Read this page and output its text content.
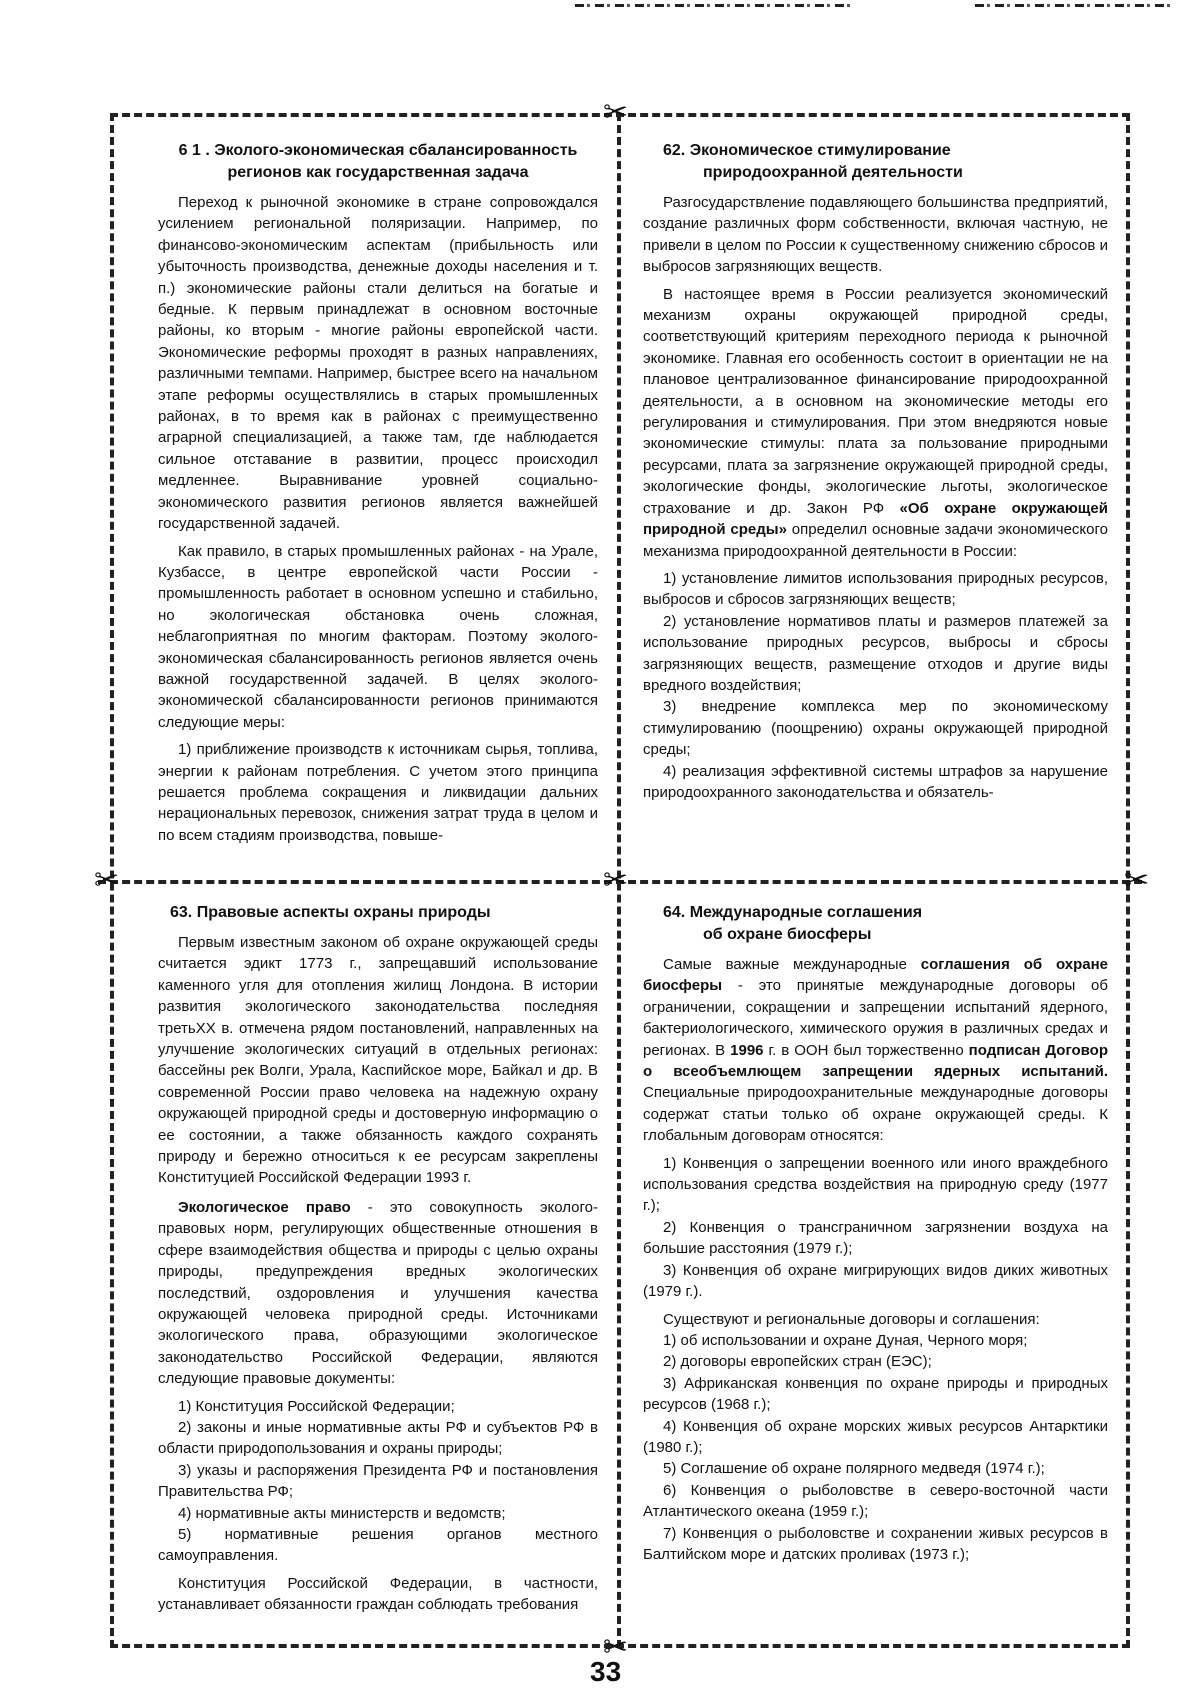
✂
✂
✂
✂	✂
6 1 . Эколого-экономическая сбалансированность
регионов как государственная задача

Переход к рыночной экономике в стране сопровождался усилением региональной поляризации. Например, по финансово-экономическим аспектам (прибыльность или убыточность производства, денежные доходы населения и т. п.) экономические районы стали делиться на богатые и бедные. К первым принадлежат в основном восточные районы, ко вторым - многие районы европейской части. Экономические реформы проходят в разных направлениях, различными темпами. Например, быстрее всего на начальном этапе реформы осуществлялись в старых промышленных районах, в то время как в районах с преимущественно аграрной специализацией, а также там, где наблюдается сильное отставание в развитии, процесс происходил медленнее. Выравнивание уровней социально-экономического развития регионов является важнейшей государственной задачей.

Как правило, в старых промышленных районах - на Урале, Кузбассе, в центре европейской части России - промышленность работает в основном успешно и стабильно, но экологическая обстановка очень сложная, неблагоприятная по многим факторам. Поэтому эколого-экономическая сбалансированность регионов является очень важной государственной задачей. В целях эколого-экономической сбалансированности регионов принимаются следующие меры:

1) приближение производств к источникам сырья, топлива, энергии к районам потребления. С учетом этого принципа решается проблема сокращения и ликвидации дальних нерациональных перевозок, снижения затрат труда в целом и по всем стадиям производства, повыше-

62. Экономическое стимулирование
природоохранной деятельности

Разгосударствление подавляющего большинства предприятий, создание различных форм собственности, включая частную, не привели в целом по России к существенному снижению сбросов и выбросов загрязняющих веществ.

В настоящее время в России реализуется экономический механизм охраны окружающей природной среды, соответствующий критериям переходного периода к рыночной экономике. Главная его особенность состоит в ориентации не на плановое централизованное финансирование природоохранной деятельности, а в основном на экономические методы его регулирования и стимулирования. При этом внедряются новые экономические стимулы: плата за пользование природными ресурсами, плата за загрязнение окружающей природной среды, экологические фонды, экологические льготы, экологическое страхование и др. Закон РФ «Об охране окружающей природной среды» определил основные задачи экономического механизма природоохранной деятельности в России:

1) установление лимитов использования природных ресурсов, выбросов и сбросов загрязняющих веществ;

2) установление нормативов платы и размеров платежей за использование природных ресурсов, выбросы и сбросы загрязняющих веществ, размещение отходов и другие виды вредного воздействия;

3) внедрение комплекса мер по экономическому стимулированию (поощрению) охраны окружающей природной среды;

4) реализация эффективной системы штрафов за нарушение природоохранного законодательства и обязатель-

63. Правовые аспекты охраны природы

Первым известным законом об охране окружающей среды считается эдикт 1773 г., запрещавший использование каменного угля для отопления жилищ Лондона. В истории развития экологического законодательства последняя третьXX в. отмечена рядом постановлений, направленных на улучшение экологических ситуаций в отдельных регионах: бассейны рек Волги, Урала, Каспийское море, Байкал и др. В современной России право человека на надежную охрану окружающей природной среды и достоверную информацию о ее состоянии, а также обязанность каждого сохранять природу и бережно относиться к ее ресурсам закреплены Конституцией Российской Федерации 1993 г.

Экологическое право - это совокупность эколого-правовых норм, регулирующих общественные отношения в сфере взаимодействия общества и природы с целью охраны природы, предупреждения вредных экологических последствий, оздоровления и улучшения качества окружающей человека природной среды. Источниками экологического права, образующими экологическое законодательство Российской Федерации, являются следующие правовые документы:

1) Конституция Российской Федерации;

2) законы и иные нормативные акты РФ и субъектов РФ в области природопользования и охраны природы;

3) указы и распоряжения Президента РФ и постановления Правительства РФ;

4) нормативные акты министерств и ведомств;

5) нормативные решения органов местного самоуправления.

Конституция Российской Федерации, в частности, устанавливает обязанности граждан соблюдать требования

64. Международные соглашения
об охране биосферы

Самые важные международные соглашения об охране биосферы - это принятые международные договоры об ограничении, сокращении и запрещении испытаний ядерного, бактериологического, химического оружия в различных средах и регионах. В 1996 г. в ООН был торжественно подписан Договор о всеобъемлющем запрещении ядерных испытаний. Специальные природоохранительные международные договоры содержат статьи только об охране окружающей среды. К глобальным договорам относятся:

1) Конвенция о запрещении военного или иного враждебного использования средства воздействия на природную среду (1977 г.);

2) Конвенция о трансграничном загрязнении воздуха на большие расстояния (1979 г.);

3) Конвенция об охране мигрирующих видов диких животных (1979 г.).

Существуют и региональные договоры и соглашения:

1) об использовании и охране Дуная, Черного моря;

2) договоры европейских стран (ЕЭС);

3) Африканская конвенция по охране природы и природных ресурсов (1968 г.);

4) Конвенция об охране морских живых ресурсов Антарктики (1980 г.);

5) Соглашение об охране полярного медведя (1974 г.);

6) Конвенция о рыболовстве в северо-восточной части Атлантического океана (1959 г.);

7) Конвенция о рыболовстве и сохранении живых ресурсов в Балтийском море и датских проливах (1973 г.);

33
